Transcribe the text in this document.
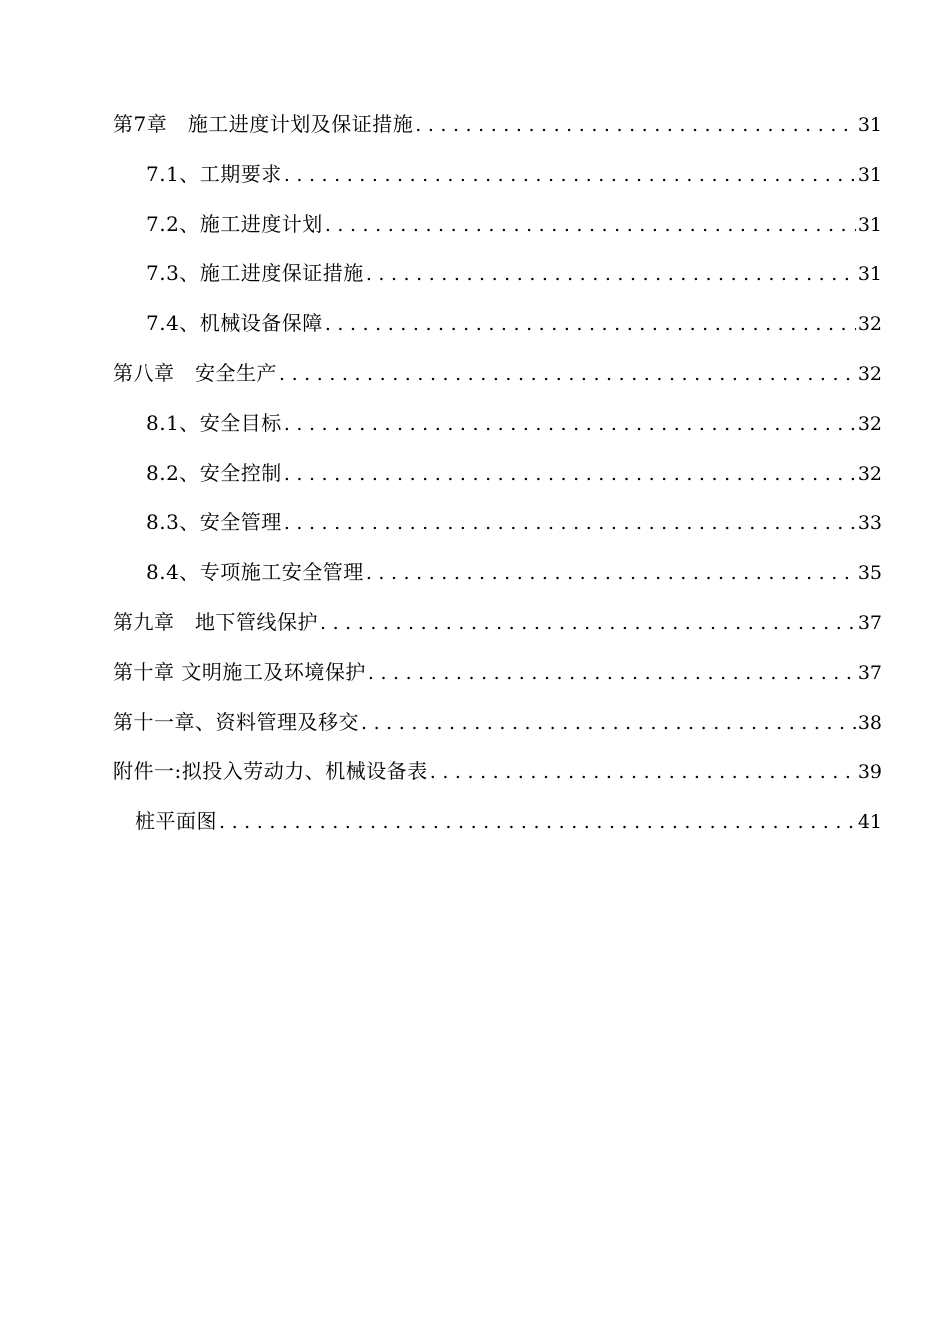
第7章　施工进度计划及保证措施 . . .	31
7.1、工期要求 . . .	31
7.2、施工进度计划 . . .	31
7.3、施工进度保证措施 . . .	31
7.4、机械设备保障 . . .	32
第八章　安全生产 . . .	32
8.1、安全目标 . . .	32
8.2、安全控制 . . .	32
8.3、安全管理 . . .	33
8.4、专项施工安全管理 . . .	35
第九章　地下管线保护 . . .	37
第十章 文明施工及环境保护 . . .	37
第十一章、资料管理及移交 . . .	38
附件一:拟投入劳动力、机械设备表 . . .	39
桩平面图 . . .	41
